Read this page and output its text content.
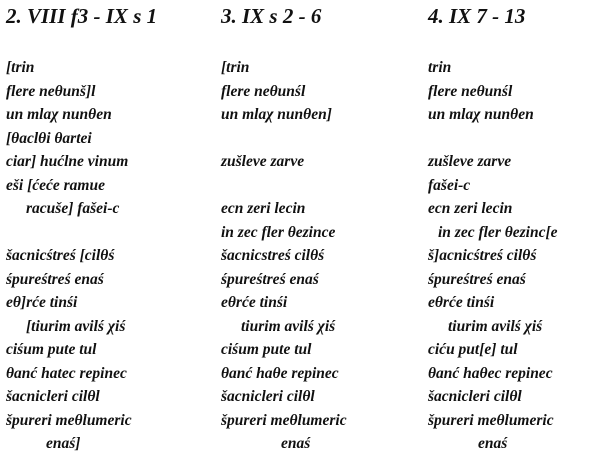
2. VIII f3 - IX s 1
[trin
flere neθunš]l
un mlaχ nunθen
[θaclθi θartei
ciar] hućlne vinum
eši [ćeće ramue
racuše] fašei-c
šacnicśtreś [cilθś
śpureśtreś enaś
eθ]rće tinśi
[tiurim avilś χiś
ciśum pute tul
θanć hatec repinec
šacnicleri cilθl
špureri meθlumeric
enaś]
3. IX s 2 - 6
[trin
flere neθunśl
un mlaχ nunθen]
zušleve zarve
ecn zeri lecin
in zec fler θezince
šacnicstreś cilθś
śpureśtreś enaś
eθrće tinśi
tiurim avilś χiś
ciśum pute tul
θanć haθe repinec
šacnicleri cilθl
špureri meθlumeric
enaś
4. IX 7 - 13
trin
flere neθunśl
un mlaχ nunθen
zušleve zarve
fašei-c
ecn zeri lecin
in zec fler θezinc[e
š]acnicśtreś cilθś
śpureśtreś enaś
eθrće tinśi
tiurim avilś χiś
ciću put[e] tul
θanć haθec repinec
šacnicleri cilθl
špureri meθlumeric
enaś
